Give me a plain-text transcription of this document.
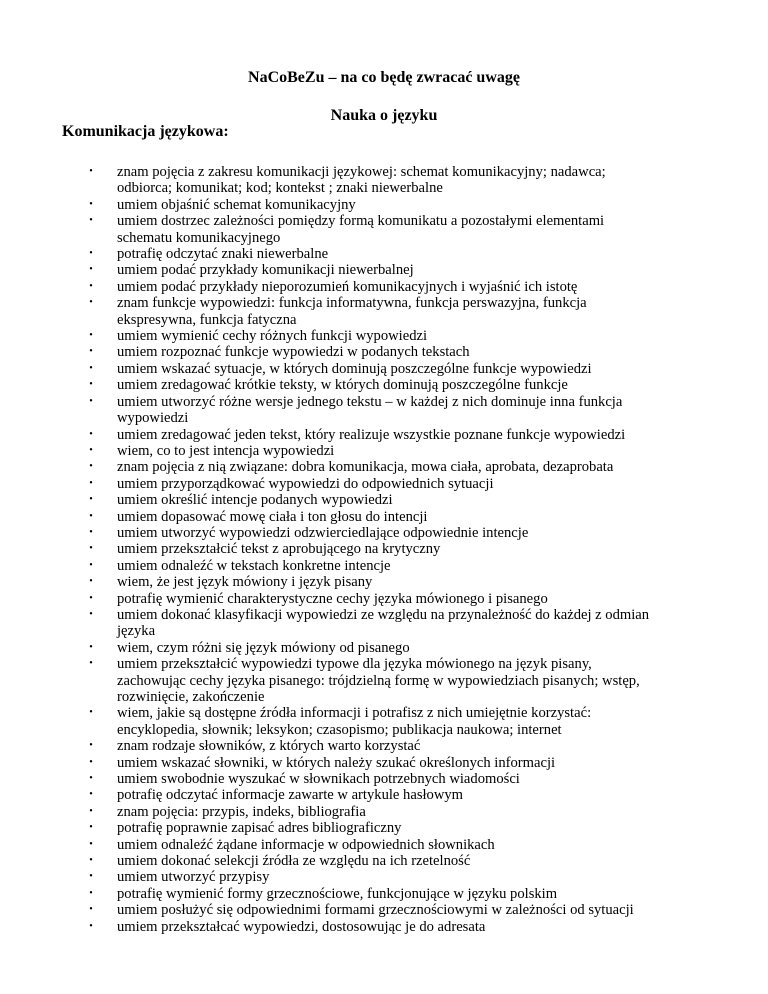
NaCoBeZu – na co będę zwracać uwagę
Nauka o języku
Komunikacja językowa:
• znam pojęcia z zakresu komunikacji językowej: schemat komunikacyjny; nadawca;
odbiorca; komunikat; kod; kontekst ; znaki niewerbalne
• umiem objaśnić schemat komunikacyjny
• umiem dostrzec zależności pomiędzy formą komunikatu a pozostałymi elementami
schematu komunikacyjnego
• potrafię odczytać znaki niewerbalne
• umiem podać przykłady komunikacji niewerbalnej
• umiem podać przykłady nieporozumień komunikacyjnych i wyjaśnić ich istotę
• znam funkcje wypowiedzi: funkcja informatywna, funkcja perswazyjna, funkcja
ekspresywna, funkcja fatyczna
• umiem wymienić cechy różnych funkcji wypowiedzi
• umiem rozpoznać funkcje wypowiedzi w podanych tekstach
• umiem wskazać sytuacje, w których dominują poszczególne funkcje wypowiedzi
• umiem zredagować krótkie teksty, w których dominują poszczególne funkcje
• umiem utworzyć różne wersje jednego tekstu – w każdej z nich dominuje inna funkcja
wypowiedzi
• umiem zredagować jeden tekst, który realizuje wszystkie poznane funkcje wypowiedzi
• wiem, co to jest intencja wypowiedzi
• znam pojęcia z nią związane: dobra komunikacja, mowa ciała, aprobata, dezaprobata
• umiem przyporządkować wypowiedzi do odpowiednich sytuacji
• umiem określić intencje podanych wypowiedzi
• umiem dopasować mowę ciała i ton głosu do intencji
• umiem utworzyć wypowiedzi odzwierciedlające odpowiednie intencje
• umiem przekształcić tekst z aprobującego na krytyczny
• umiem odnaleźć w tekstach konkretne intencje
• wiem, że jest język mówiony i język pisany
• potrafię wymienić charakterystyczne cechy języka mówionego i pisanego
• umiem dokonać klasyfikacji wypowiedzi ze względu na przynależność do każdej z odmian
języka
• wiem, czym różni się język mówiony od pisanego
• umiem przekształcić wypowiedzi typowe dla języka mówionego na język pisany,
zachowując cechy języka pisanego: trójdzielną formę w wypowiedziach pisanych; wstęp,
rozwinięcie, zakończenie
• wiem, jakie są dostępne źródła informacji i potrafisz z nich umiejętnie korzystać:
encyklopedia, słownik; leksykon; czasopismo; publikacja naukowa; internet
• znam rodzaje słowników, z których warto korzystać
• umiem wskazać słowniki, w których należy szukać określonych informacji
• umiem swobodnie wyszukać w słownikach potrzebnych wiadomości
• potrafię odczytać informacje zawarte w artykule hasłowym
• znam pojęcia: przypis, indeks, bibliografia
• potrafię poprawnie zapisać adres bibliograficzny
• umiem odnaleźć żądane informacje w odpowiednich słownikach
• umiem dokonać selekcji źródła ze względu na ich rzetelność
• umiem utworzyć przypisy
• potrafię wymienić formy grzecznościowe, funkcjonujące w języku polskim
• umiem posłużyć się odpowiednimi formami grzecznościowymi w zależności od sytuacji
• umiem przekształcać wypowiedzi, dostosowując je do adresata
